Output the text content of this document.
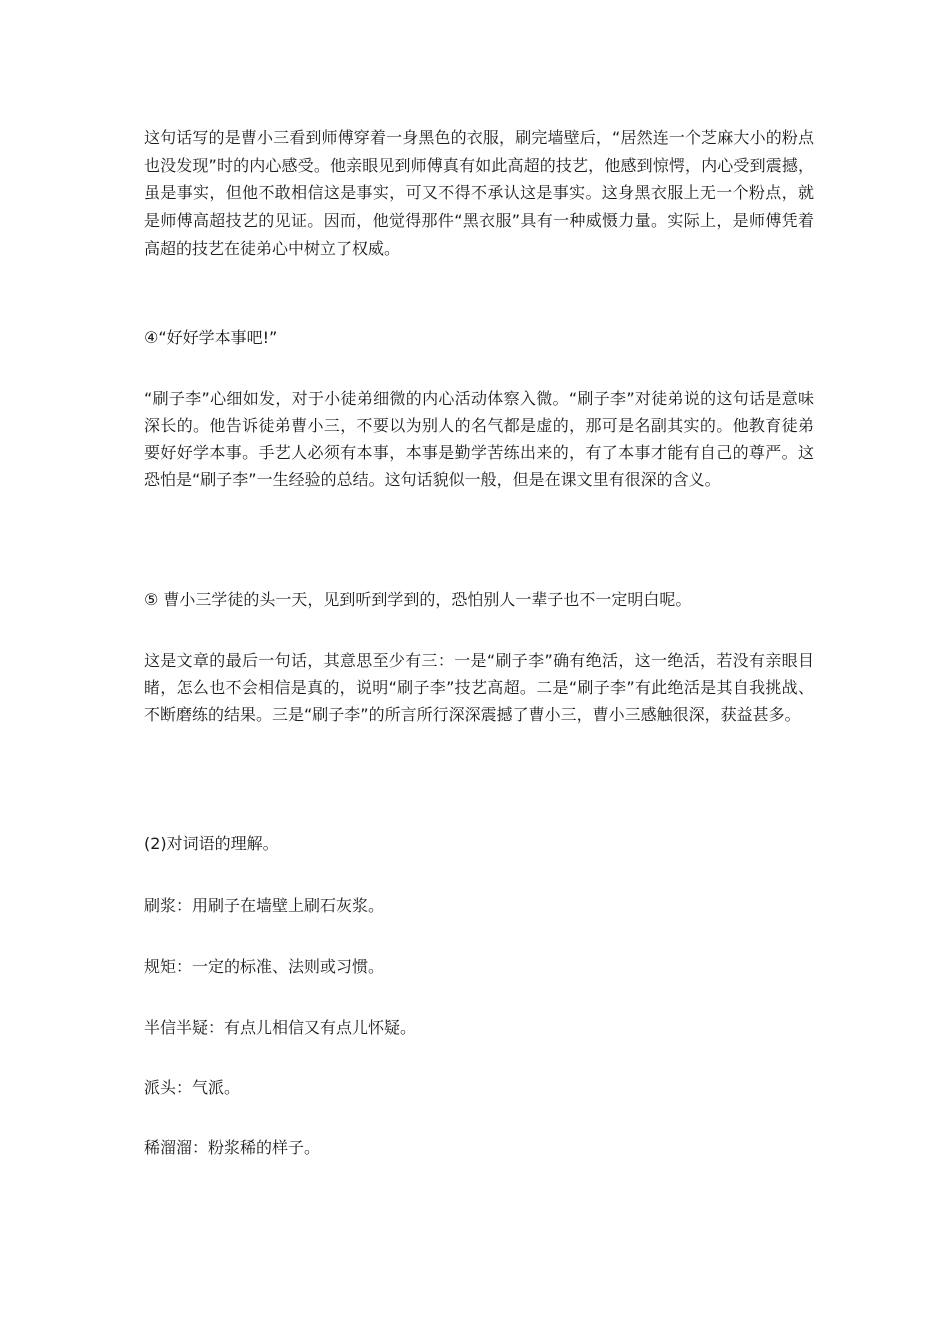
这句话写的是曹小三看到师傅穿着一身黑色的衣服，刷完墙壁后，“居然连一个芝麻大小的粉点也没发现”时的内心感受。他亲眼见到师傅真有如此高超的技艺，他感到惊愕，内心受到震撼，虽是事实，但他不敢相信这是事实，可又不得不承认这是事实。这身黑衣服上无一个粉点，就是师傅高超技艺的见证。因而，他觉得那件“黑衣服”具有一种威慑力量。实际上，是师傅凭着高超的技艺在徒弟心中树立了权威。

④“好好学本事吧!”

“刷子李”心细如发，对于小徒弟细微的内心活动体察入微。“刷子李”对徒弟说的这句话是意味深长的。他告诉徒弟曹小三，不要以为别人的名气都是虚的，那可是名副其实的。他教育徒弟要好好学本事。手艺人必须有本事，本事是勤学苦练出来的，有了本事才能有自己的尊严。这恐怕是“刷子李”一生经验的总结。这句话貌似一般，但是在课文里有很深的含义。

⑤ 曹小三学徒的头一天，见到听到学到的，恐怕别人一辈子也不一定明白呢。

这是文章的最后一句话，其意思至少有三：一是“刷子李”确有绝活，这一绝活，若没有亲眼目睹，怎么也不会相信是真的，说明“刷子李”技艺高超。二是“刷子李”有此绝活是其自我挑战、不断磨练的结果。三是“刷子李”的所言所行深深震撼了曹小三，曹小三感触很深，获益甚多。

(2)对词语的理解。

刷浆：用刷子在墙壁上刷石灰浆。

规矩：一定的标准、法则或习惯。

半信半疑：有点儿相信又有点儿怀疑。

派头：气派。

稀溜溜：粉浆稀的样子。
